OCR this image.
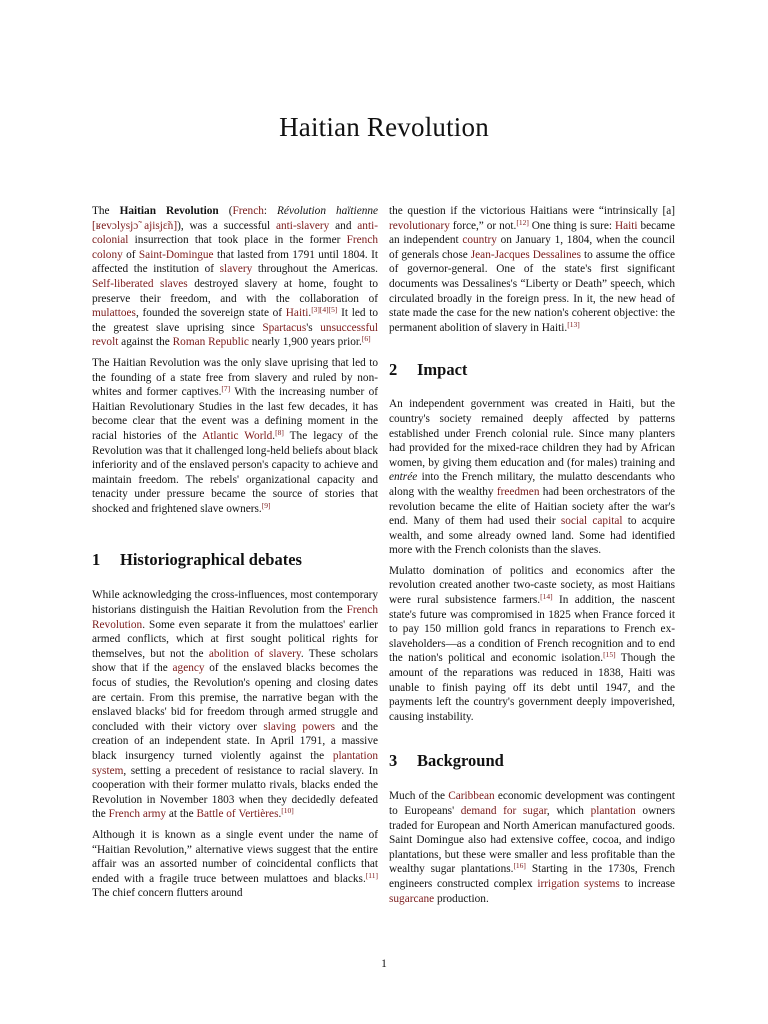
Haitian Revolution

The Haitian Revolution (French: Révolution haïtienne [ʁevɔlysjɔ̃ ajisjɛ̃n]), was a successful anti-slavery and anti-colonial insurrection that took place in the former French colony of Saint-Domingue that lasted from 1791 until 1804. It affected the institution of slavery throughout the Americas. Self-liberated slaves destroyed slavery at home, fought to preserve their freedom, and with the collaboration of mulattoes, founded the sovereign state of Haiti.[3][4][5] It led to the greatest slave uprising since Spartacus's unsuccessful revolt against the Roman Republic nearly 1,900 years prior.[6]

The Haitian Revolution was the only slave uprising that led to the founding of a state free from slavery and ruled by non-whites and former captives.[7] With the increasing number of Haitian Revolutionary Studies in the last few decades, it has become clear that the event was a defining moment in the racial histories of the Atlantic World.[8] The legacy of the Revolution was that it challenged long-held beliefs about black inferiority and of the enslaved person's capacity to achieve and maintain freedom. The rebels' organizational capacity and tenacity under pressure became the source of stories that shocked and frightened slave owners.[9]

1 Historiographical debates

While acknowledging the cross-influences, most contemporary historians distinguish the Haitian Revolution from the French Revolution. Some even separate it from the mulattoes' earlier armed conflicts, which at first sought political rights for themselves, but not the abolition of slavery. These scholars show that if the agency of the enslaved blacks becomes the focus of studies, the Revolution's opening and closing dates are certain. From this premise, the narrative began with the enslaved blacks' bid for freedom through armed struggle and concluded with their victory over slaving powers and the creation of an independent state. In April 1791, a massive black insurgency turned violently against the plantation system, setting a precedent of resistance to racial slavery. In cooperation with their former mulatto rivals, blacks ended the Revolution in November 1803 when they decidedly defeated the French army at the Battle of Vertières.[10]

Although it is known as a single event under the name of “Haitian Revolution,” alternative views suggest that the entire affair was an assorted number of coincidental conflicts that ended with a fragile truce between mulattoes and blacks.[11] The chief concern flutters around

the question if the victorious Haitians were “intrinsically [a] revolutionary force,” or not.[12] One thing is sure: Haiti became an independent country on January 1, 1804, when the council of generals chose Jean-Jacques Dessalines to assume the office of governor-general. One of the state's first significant documents was Dessalines's “Liberty or Death” speech, which circulated broadly in the foreign press. In it, the new head of state made the case for the new nation's coherent objective: the permanent abolition of slavery in Haiti.[13]

2 Impact

An independent government was created in Haiti, but the country's society remained deeply affected by patterns established under French colonial rule. Since many planters had provided for the mixed-race children they had by African women, by giving them education and (for males) training and entrée into the French military, the mulatto descendants who along with the wealthy freedmen had been orchestrators of the revolution became the elite of Haitian society after the war's end. Many of them had used their social capital to acquire wealth, and some already owned land. Some had identified more with the French colonists than the slaves.

Mulatto domination of politics and economics after the revolution created another two-caste society, as most Haitians were rural subsistence farmers.[14] In addition, the nascent state's future was compromised in 1825 when France forced it to pay 150 million gold francs in reparations to French ex-slaveholders—as a condition of French recognition and to end the nation's political and economic isolation.[15] Though the amount of the reparations was reduced in 1838, Haiti was unable to finish paying off its debt until 1947, and the payments left the country's government deeply impoverished, causing instability.

3 Background

Much of the Caribbean economic development was contingent to Europeans' demand for sugar, which plantation owners traded for European and North American manufactured goods. Saint Domingue also had extensive coffee, cocoa, and indigo plantations, but these were smaller and less profitable than the wealthy sugar plantations.[16] Starting in the 1730s, French engineers constructed complex irrigation systems to increase sugarcane production.

1
